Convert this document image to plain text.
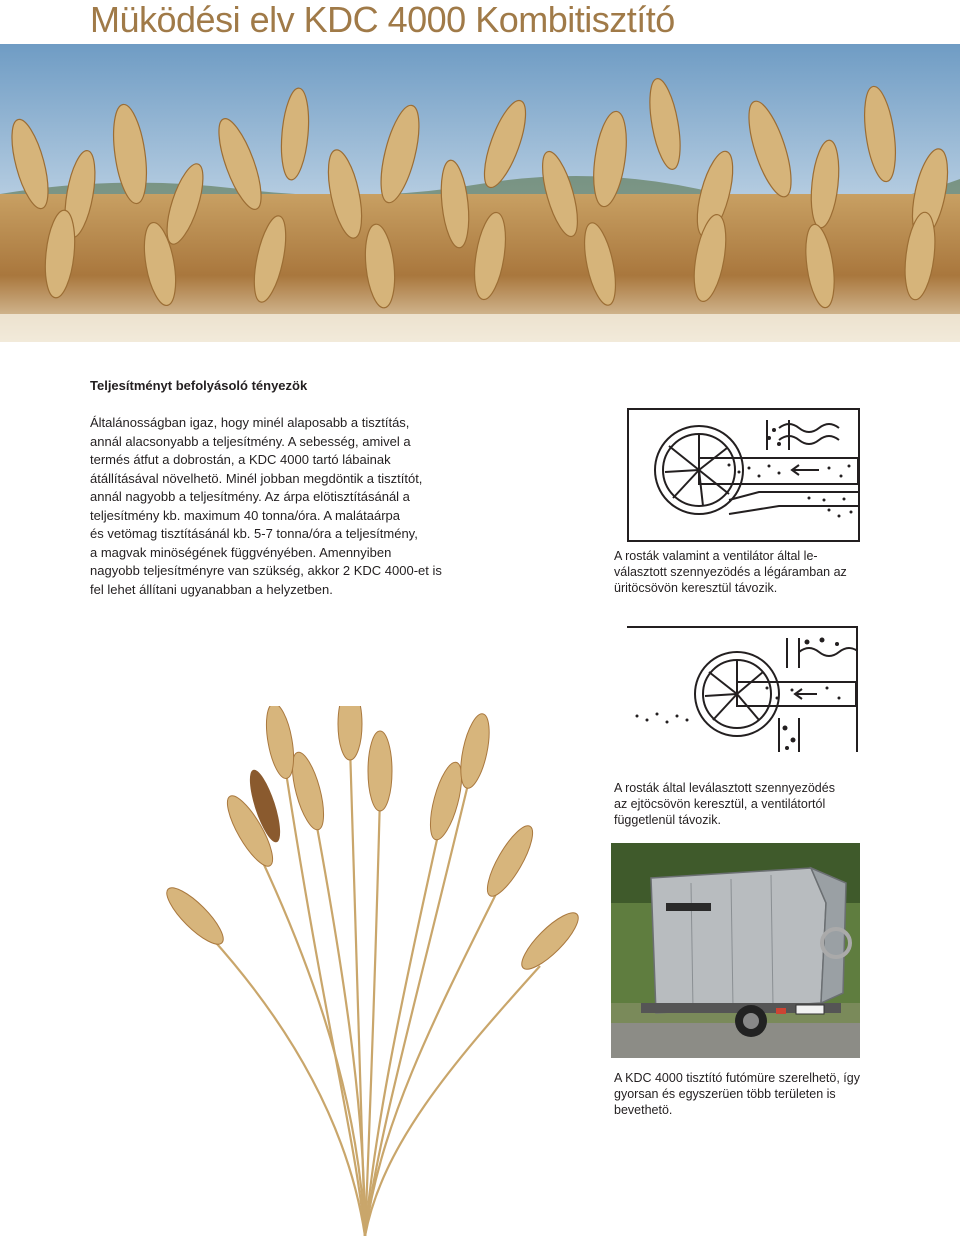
Müködési elv KDC 4000 Kombitisztító
Teljesítményt befolyásoló tényezök

Általánosságban igaz, hogy minél alaposabb a tisztítás,

annál alacsonyabb a teljesítmény. A sebesség, amivel a

termés átfut a dobrostán, a KDC 4000 tartó lábainak

átállításával növelhetö. Minél jobban megdöntik a tisztítót,

annál nagyobb a teljesítmény. Az árpa elötisztításánál a

teljesítmény kb. maximum 40 tonna/óra. A malátaárpa

és vetömag tisztításánál kb. 5-7 tonna/óra a teljesítmény,

a magvak minöségének függvényében. Amennyiben

nagyobb teljesítményre van szükség, akkor 2 KDC 4000-et is

fel lehet állítani ugyanabban a helyzetben.

A rosták valamint a ventilátor által le-

választott szennyezödés a légáramban az

üritöcsövön keresztül távozik.

A rosták által leválasztott szennyezödés

az ejtöcsövön keresztül, a ventilátortól

függetlenül távozik.

A KDC 4000 tisztító futómüre szerelhetö, így

gyorsan és egyszerüen több területen is

bevethetö.
